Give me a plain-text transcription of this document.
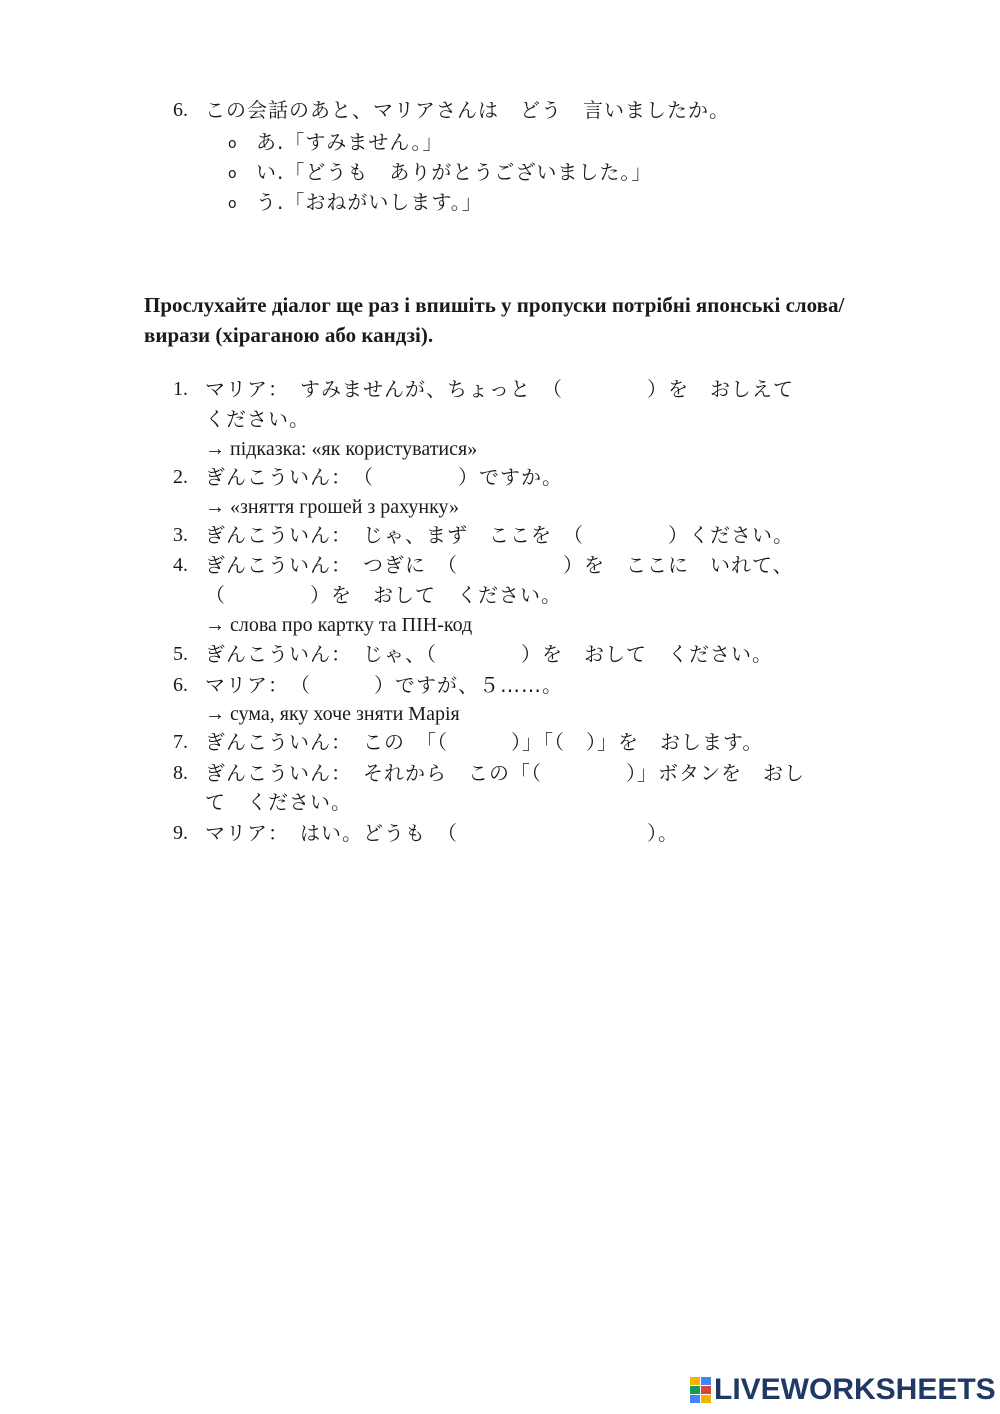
6. この会話のあと、マリアさんは　どう　言いましたか。
o あ.「すみません。」
o い.「どうも　ありがとうございました。」
o う.「おねがいします。」
Прослухайте діалог ще раз і впишіть у пропуски потрібні японські слова/вирази (хіраганою або кандзі).
1. マリア：　すみませんが、ちょっと　（　　　　）を　おしえて
ください。
→ підказка: «як користуватися»
2. ぎんこういん：　（　　　　）ですか。
→ «зняття грошей з рахунку»
3. ぎんこういん：　じゃ、まず　ここを　（　　　　）ください。
4. ぎんこういん：　つぎに　（　　　　　）を　ここに　いれて、
（　　　　）を　おして　ください。
→ слова про картку та ПІН-код
5. ぎんこういん：　じゃ、（　　　　）を　おして　ください。
6. マリア：　（　　　）ですが、５……。
→ сума, яку хоче зняти Марія
7. ぎんこういん：　この　「（　　　）」「（　）」を　おします。
8. ぎんこういん：　それから　この「（　　　　）」ボタンを　おし
て　ください。
9. マリア：　はい。どうも　（　　　　　　　　　）。
LIVEWORKSHEETS
